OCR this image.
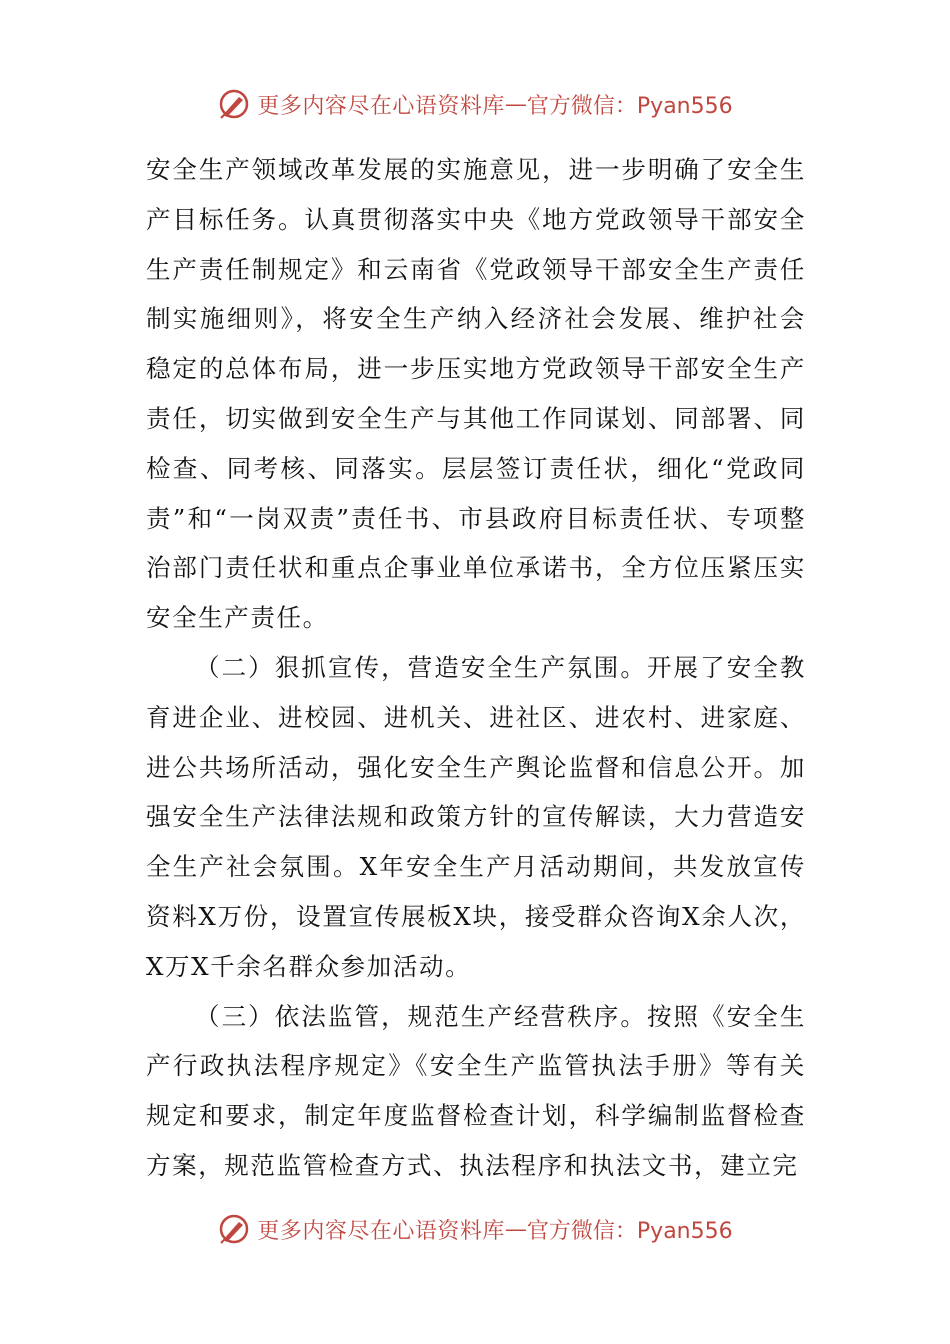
更多内容尽在心语资料库 — 官方微信：Pyan556

安全生产领域改革发展的实施意见，进一步明确了安全生产目标任务。认真贯彻落实中央《地方党政领导干部安全生产责任制规定》和云南省《党政领导干部安全生产责任制实施细则》，将安全生产纳入经济社会发展、维护社会稳定的总体布局，进一步压实地方党政领导干部安全生产责任，切实做到安全生产与其他工作同谋划、同部署、同检查、同考核、同落实。层层签订责任状，细化“党政同责”和“一岗双责”责任书、市县政府目标责任状、专项整治部门责任状和重点企事业单位承诺书，全方位压紧压实安全生产责任。

（二）狠抓宣传，营造安全生产氛围。开展了安全教育进企业、进校园、进机关、进社区、进农村、进家庭、进公共场所活动，强化安全生产舆论监督和信息公开。加强安全生产法律法规和政策方针的宣传解读，大力营造安全生产社会氛围。X年安全生产月活动期间，共发放宣传资料X万份，设置宣传展板X块，接受群众咨询X余人次，X万X千余名群众参加活动。

（三）依法监管，规范生产经营秩序。按照《安全生产行政执法程序规定》《安全生产监管执法手册》等有关规定和要求，制定年度监督检查计划，科学编制监督检查方案，规范监管检查方式、执法程序和执法文书，建立完

更多内容尽在心语资料库 — 官方微信：Pyan556
